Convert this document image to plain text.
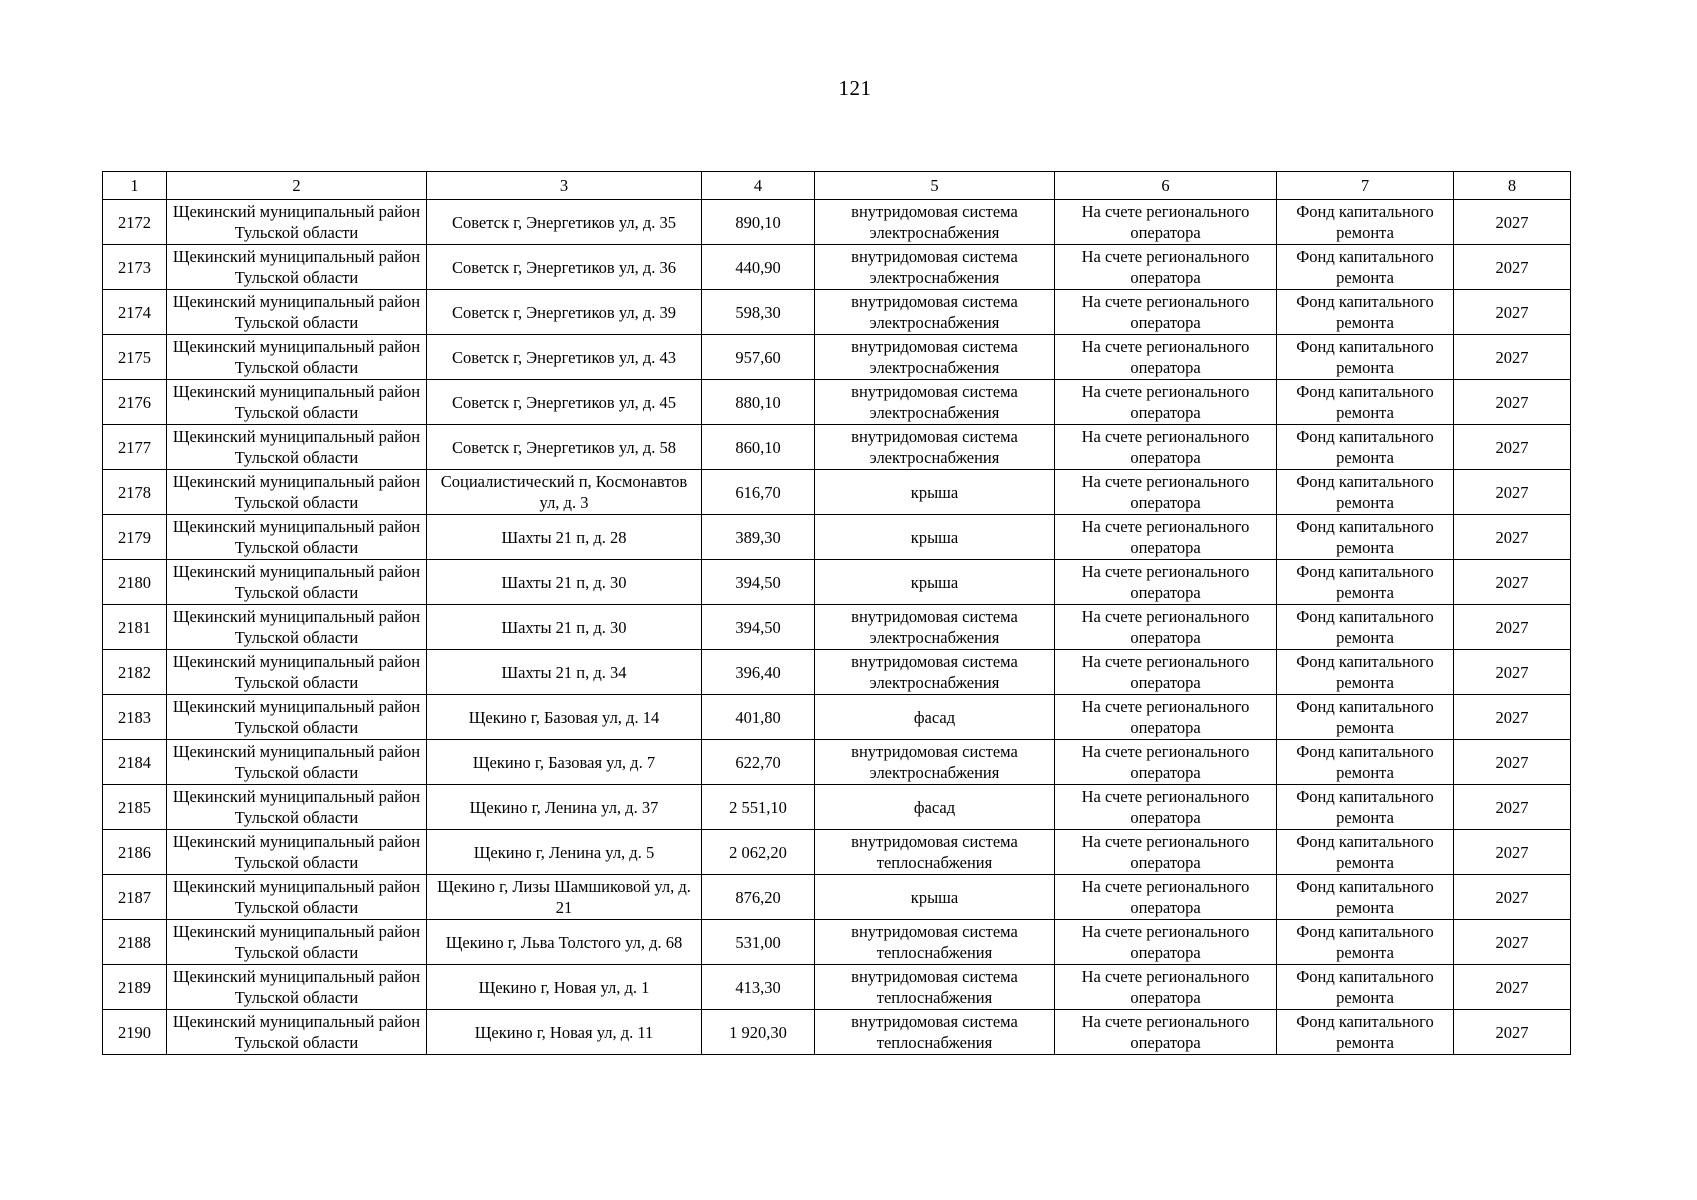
121
1	2	3	4	5	6	7	8
2172	Щекинский муниципальный район Тульской области	Советск г, Энергетиков ул, д. 35	890,10	внутридомовая система электроснабжения	На счете регионального оператора	Фонд капитального ремонта	2027
2173	Щекинский муниципальный район Тульской области	Советск г, Энергетиков ул, д. 36	440,90	внутридомовая система электроснабжения	На счете регионального оператора	Фонд капитального ремонта	2027
2174	Щекинский муниципальный район Тульской области	Советск г, Энергетиков ул, д. 39	598,30	внутридомовая система электроснабжения	На счете регионального оператора	Фонд капитального ремонта	2027
2175	Щекинский муниципальный район Тульской области	Советск г, Энергетиков ул, д. 43	957,60	внутридомовая система электроснабжения	На счете регионального оператора	Фонд капитального ремонта	2027
2176	Щекинский муниципальный район Тульской области	Советск г, Энергетиков ул, д. 45	880,10	внутридомовая система электроснабжения	На счете регионального оператора	Фонд капитального ремонта	2027
2177	Щекинский муниципальный район Тульской области	Советск г, Энергетиков ул, д. 58	860,10	внутридомовая система электроснабжения	На счете регионального оператора	Фонд капитального ремонта	2027
2178	Щекинский муниципальный район Тульской области	Социалистический п, Космонавтов ул, д. 3	616,70	крыша	На счете регионального оператора	Фонд капитального ремонта	2027
2179	Щекинский муниципальный район Тульской области	Шахты 21 п, д. 28	389,30	крыша	На счете регионального оператора	Фонд капитального ремонта	2027
2180	Щекинский муниципальный район Тульской области	Шахты 21 п, д. 30	394,50	крыша	На счете регионального оператора	Фонд капитального ремонта	2027
2181	Щекинский муниципальный район Тульской области	Шахты 21 п, д. 30	394,50	внутридомовая система электроснабжения	На счете регионального оператора	Фонд капитального ремонта	2027
2182	Щекинский муниципальный район Тульской области	Шахты 21 п, д. 34	396,40	внутридомовая система электроснабжения	На счете регионального оператора	Фонд капитального ремонта	2027
2183	Щекинский муниципальный район Тульской области	Щекино г, Базовая ул, д. 14	401,80	фасад	На счете регионального оператора	Фонд капитального ремонта	2027
2184	Щекинский муниципальный район Тульской области	Щекино г, Базовая ул, д. 7	622,70	внутридомовая система электроснабжения	На счете регионального оператора	Фонд капитального ремонта	2027
2185	Щекинский муниципальный район Тульской области	Щекино г, Ленина ул, д. 37	2 551,10	фасад	На счете регионального оператора	Фонд капитального ремонта	2027
2186	Щекинский муниципальный район Тульской области	Щекино г, Ленина ул, д. 5	2 062,20	внутридомовая система теплоснабжения	На счете регионального оператора	Фонд капитального ремонта	2027
2187	Щекинский муниципальный район Тульской области	Щекино г, Лизы Шамшиковой ул, д. 21	876,20	крыша	На счете регионального оператора	Фонд капитального ремонта	2027
2188	Щекинский муниципальный район Тульской области	Щекино г, Льва Толстого ул, д. 68	531,00	внутридомовая система теплоснабжения	На счете регионального оператора	Фонд капитального ремонта	2027
2189	Щекинский муниципальный район Тульской области	Щекино г, Новая ул, д. 1	413,30	внутридомовая система теплоснабжения	На счете регионального оператора	Фонд капитального ремонта	2027
2190	Щекинский муниципальный район Тульской области	Щекино г, Новая ул, д. 11	1 920,30	внутридомовая система теплоснабжения	На счете регионального оператора	Фонд капитального ремонта	2027
